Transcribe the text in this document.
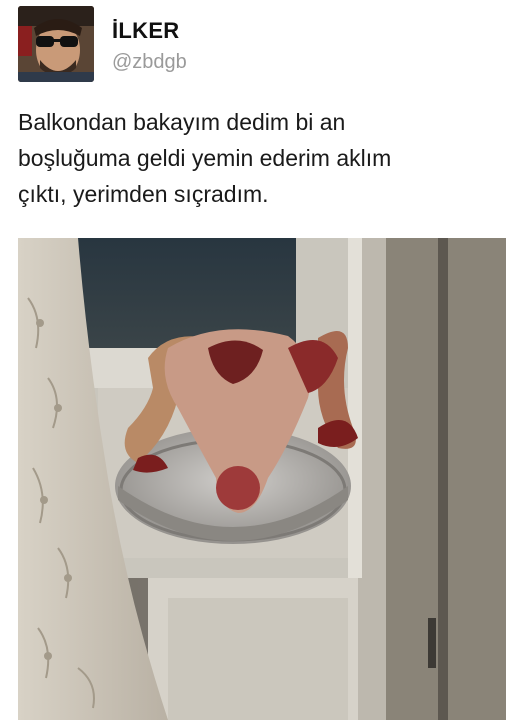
İLKER
@zbdgb
Balkondan bakayım dedim bi an
boşluğuma geldi yemin ederim aklım
çıktı, yerimden sıçradım.
